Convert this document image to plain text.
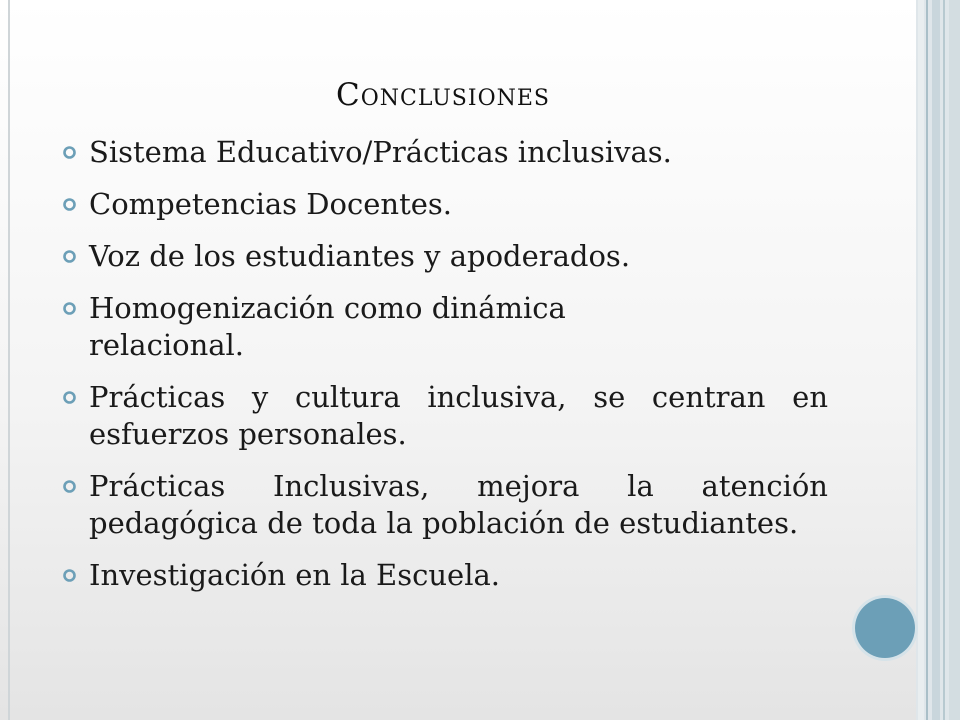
Conclusiones
Sistema Educativo/Prácticas inclusivas.
Competencias Docentes.
Voz de los estudiantes y apoderados.
Homogenización como dinámica relacional.
Prácticas y cultura inclusiva, se centran en esfuerzos personales.
Prácticas Inclusivas, mejora la atención pedagógica de toda la población de estudiantes.
Investigación en la Escuela.
